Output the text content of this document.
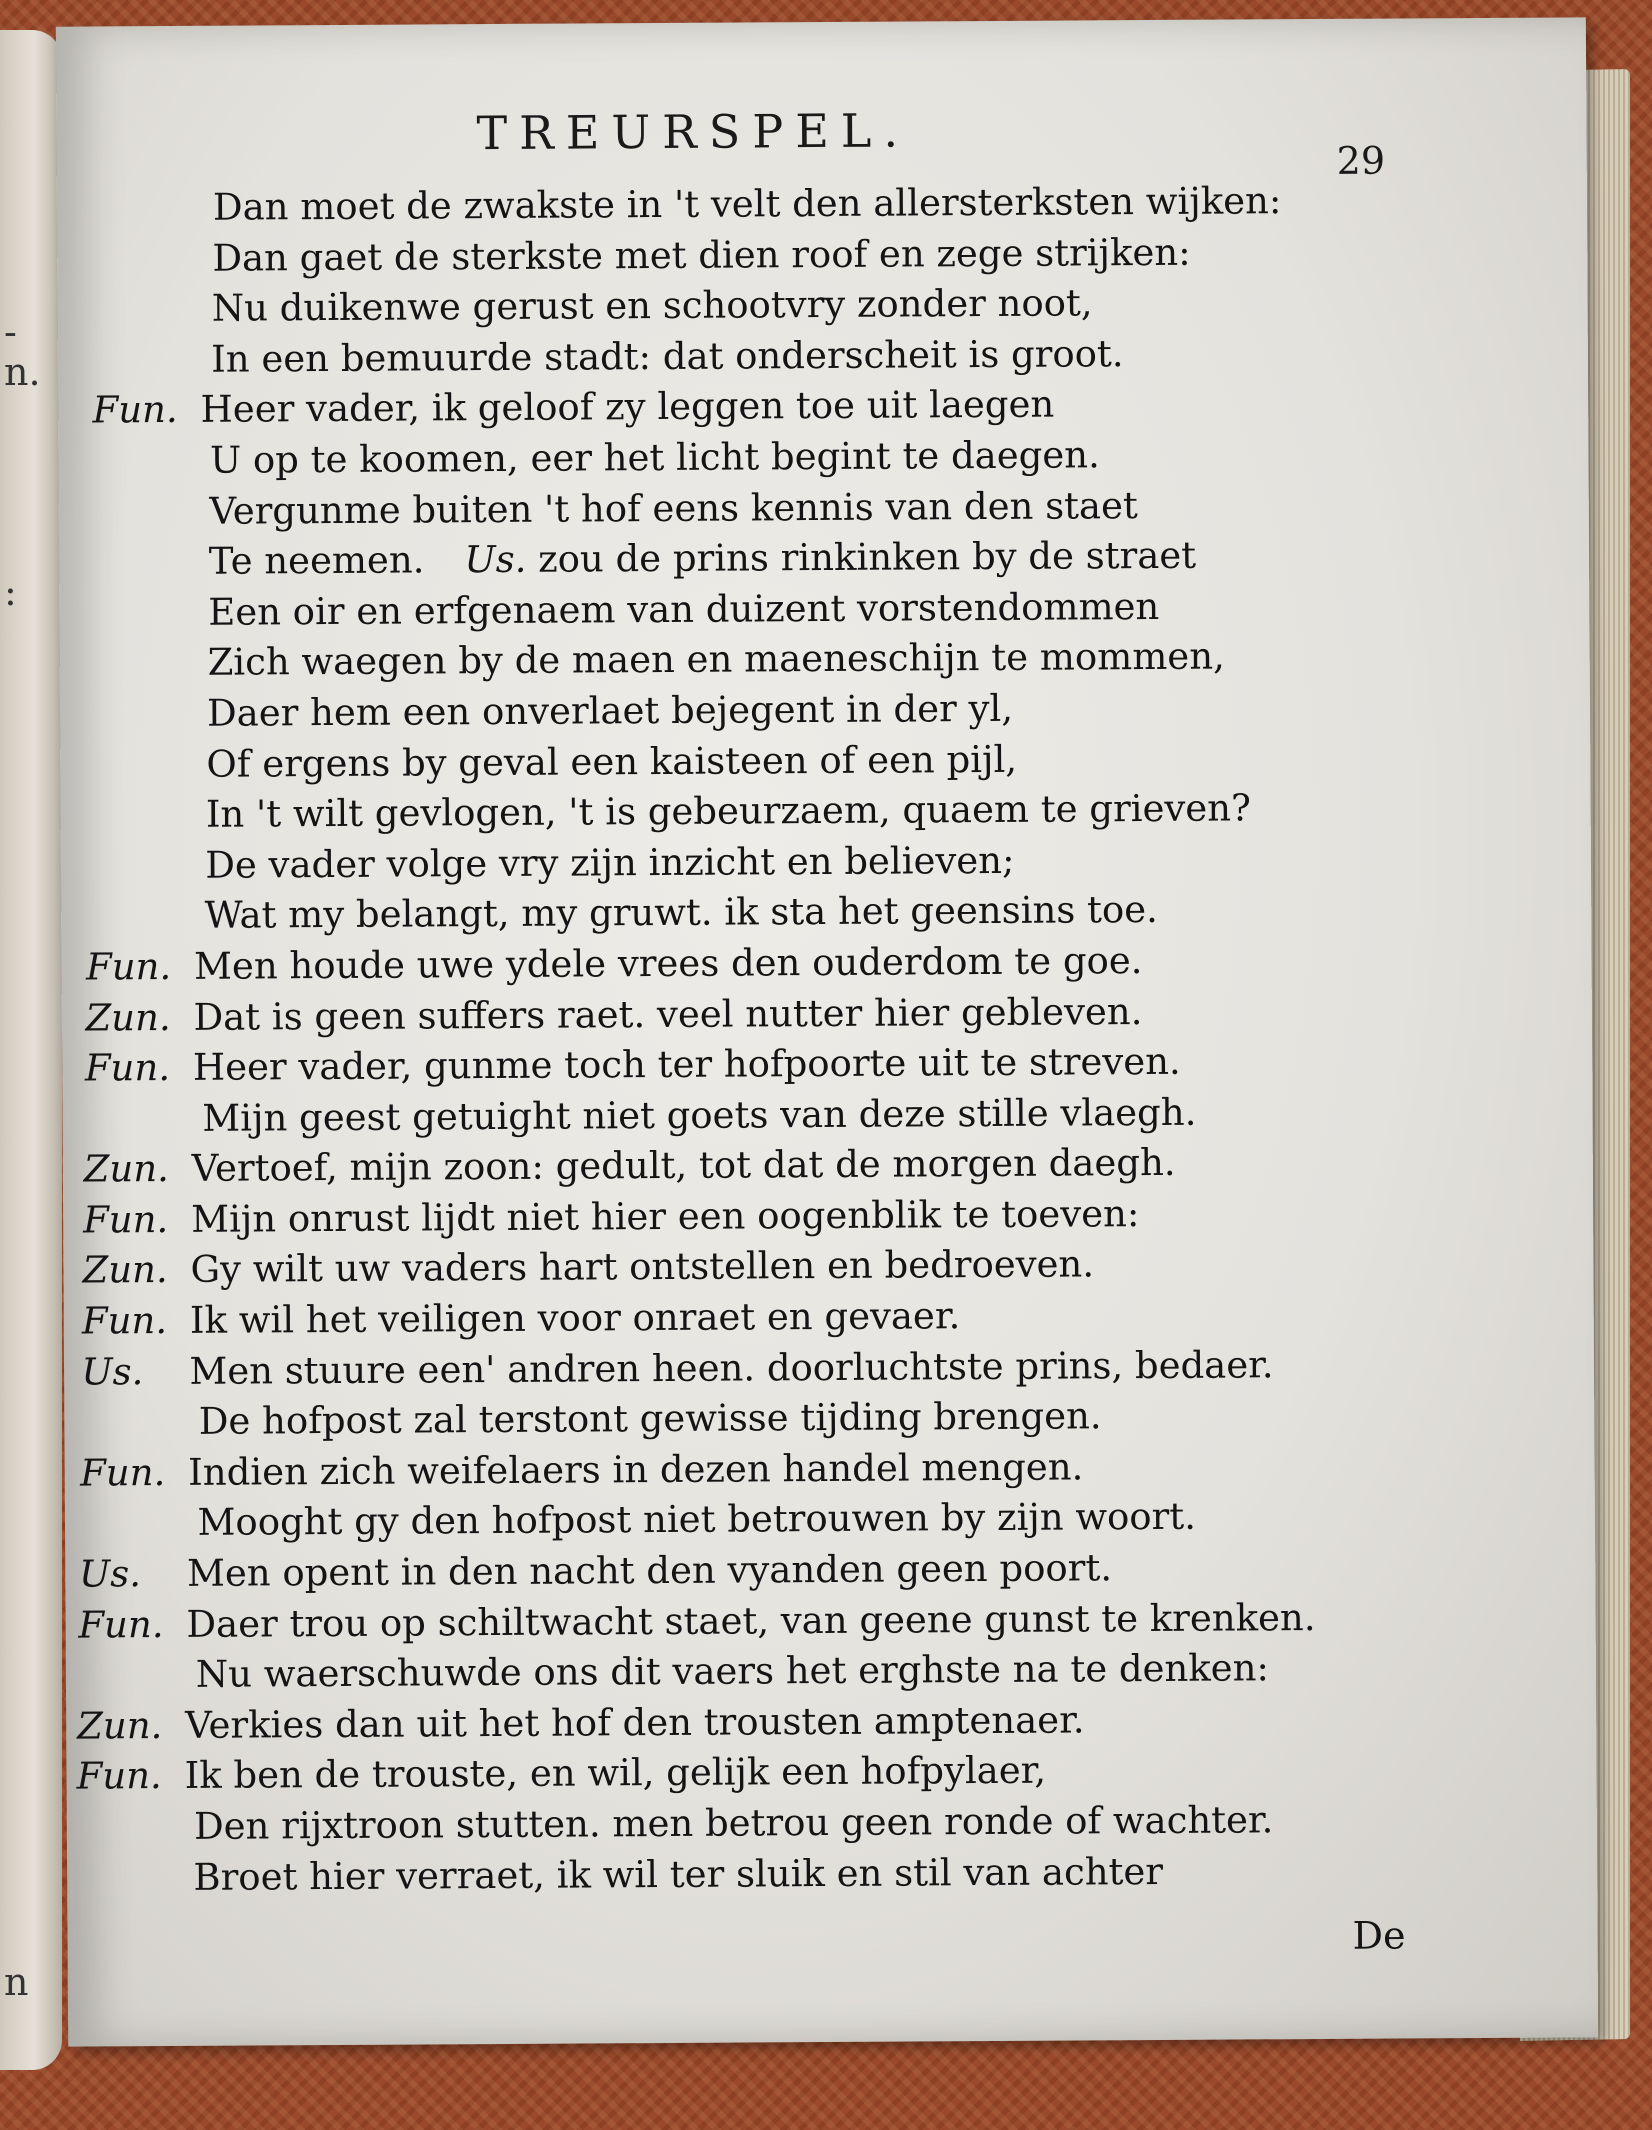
-
n.
:
n
TREURSPEL.
29
Dan moet de zwakste in 't velt den allersterksten wijken:
Dan gaet de sterkste met dien roof en zege strijken:
Nu duikenwe gerust en schootvry zonder noot,
In een bemuurde stadt: dat onderscheit is groot.
Fun. Heer vader, ik geloof zy leggen toe uit laegen
U op te koomen, eer het licht begint te daegen.
Vergunme buiten 't hof eens kennis van den staet
Te neemen. Us. zou de prins rinkinken by de straet
Een oir en erfgenaem van duizent vorstendommen
Zich waegen by de maen en maeneschijn te mommen,
Daer hem een onverlaet bejegent in der yl,
Of ergens by geval een kaisteen of een pijl,
In 't wilt gevlogen, 't is gebeurzaem, quaem te grieven?
De vader volge vry zijn inzicht en believen;
Wat my belangt, my gruwt. ik sta het geensins toe.
Fun. Men houde uwe ydele vrees den ouderdom te goe.
Zun. Dat is geen suffers raet. veel nutter hier gebleven.
Fun. Heer vader, gunme toch ter hofpoorte uit te streven.
Mijn geest getuight niet goets van deze stille vlaegh.
Zun. Vertoef, mijn zoon: gedult, tot dat de morgen daegh.
Fun. Mijn onrust lijdt niet hier een oogenblik te toeven:
Zun. Gy wilt uw vaders hart ontstellen en bedroeven.
Fun. Ik wil het veiligen voor onraet en gevaer.
Us. Men stuure een' andren heen. doorluchtste prins, bedaer.
De hofpost zal terstont gewisse tijding brengen.
Fun. Indien zich weifelaers in dezen handel mengen.
Mooght gy den hofpost niet betrouwen by zijn woort.
Us. Men opent in den nacht den vyanden geen poort.
Fun. Daer trou op schiltwacht staet, van geene gunst te krenken.
Nu waerschuwde ons dit vaers het erghste na te denken:
Zun. Verkies dan uit het hof den trousten amptenaer.
Fun. Ik ben de trouste, en wil, gelijk een hofpylaer,
Den rijxtroon stutten. men betrou geen ronde of wachter.
Broet hier verraet, ik wil ter sluik en stil van achter
De
